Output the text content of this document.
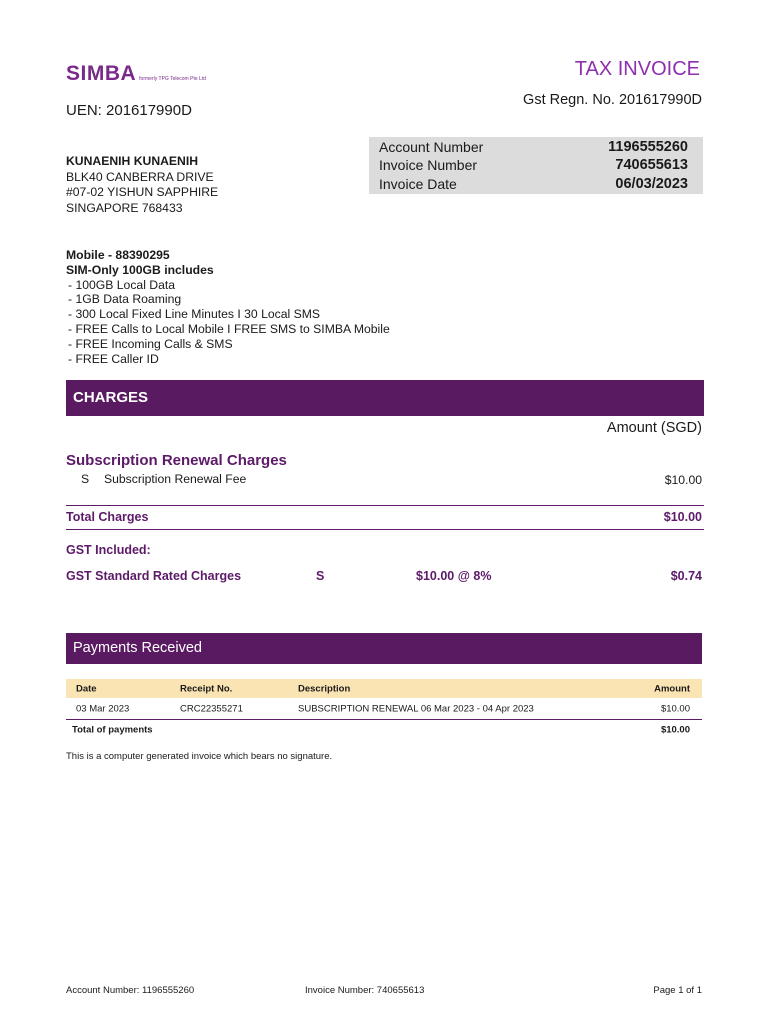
SIMBA formerly TPG Telecom Pte Ltd	TAX INVOICE
Gst Regn. No. 201617990D
UEN: 201617990D
Account Number	1196555260
Invoice Number	740655613
Invoice Date	06/03/2023
KUNAENIH KUNAENIH
BLK40 CANBERRA DRIVE
#07-02 YISHUN SAPPHIRE
SINGAPORE 768433
Mobile - 88390295
SIM-Only 100GB includes
- 100GB Local Data
- 1GB Data Roaming
- 300 Local Fixed Line Minutes I 30 Local SMS
- FREE Calls to Local Mobile I FREE SMS to SIMBA Mobile
- FREE Incoming Calls & SMS
- FREE Caller ID
CHARGES
Amount (SGD)
Subscription Renewal Charges
S Subscription Renewal Fee	$10.00
Total Charges	$10.00
GST Included:
GST Standard Rated Charges	S	$10.00 @ 8%	$0.74
Payments Received
Date	Receipt No.	Description	Amount
03 Mar 2023	CRC22355271	SUBSCRIPTION RENEWAL 06 Mar 2023 - 04 Apr 2023	$10.00
Total of payments	$10.00
This is a computer generated invoice which bears no signature.
Account Number: 1196555260	Invoice Number: 740655613	Page 1 of 1
